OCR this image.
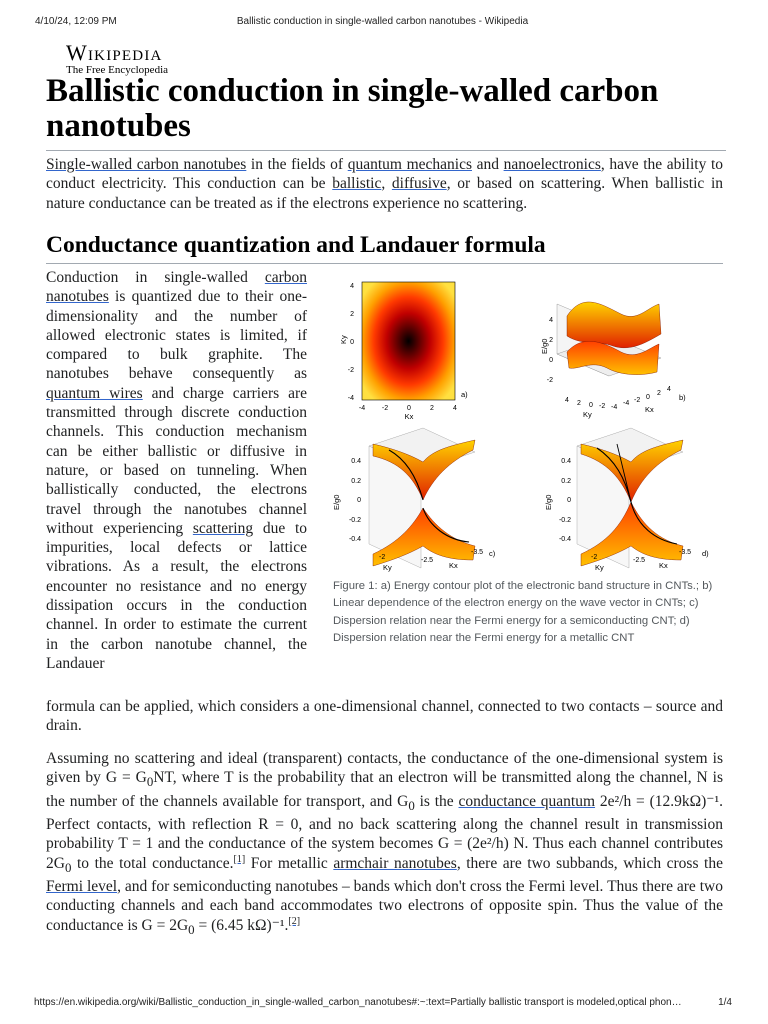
4/10/24, 12:09 PM	Ballistic conduction in single-walled carbon nanotubes - Wikipedia
Wikipedia
The Free Encyclopedia
Ballistic conduction in single-walled carbon nanotubes

Single-walled carbon nanotubes in the fields of quantum mechanics and nanoelectronics, have the ability to conduct electricity. This conduction can be ballistic, diffusive, or based on scattering. When ballistic in nature conductance can be treated as if the electrons experience no scattering.

Conductance quantization and Landauer formula

Conduction in single-walled carbon nanotubes is quantized due to their one-dimensionality and the number of allowed electronic states is limited, if compared to bulk graphite. The nanotubes behave consequently as quantum wires and charge carriers are transmitted through discrete conduction channels. This conduction mechanism can be either ballistic or diffusive in nature, or based on tunneling. When ballistically conducted, the electrons travel through the nanotubes channel without experiencing scattering due to impurities, local defects or lattice vibrations. As a result, the electrons encounter no resistance and no energy dissipation occurs in the conduction channel. In order to estimate the current in the carbon nanotube channel, the Landauer

formula can be applied, which considers a one-dimensional channel, connected to two contacts – source and drain.

Ky
4
2
0
-2
-4
-4 -2	0	2	4
Kx
a)
E/g0
4
2
0
-2
4 2 0 -2 -4
-4 -2 0
2
4
Ky
Kx
b)
E/g0
0.4
0.2
0
-0.2
-0.4
-2
Ky
-2.5
-3.5
Kx
c)
E/g0
0.4
0.2
0
-0.2
-0.4
-2
Ky
-2.5
-3.5
Kx
d)
Figure 1: a) Energy contour plot of the electronic band structure in CNTs.; b) Linear dependence of the electron energy on the wave vector in CNTs; c) Dispersion relation near the Fermi energy for a semiconducting CNT; d) Dispersion relation near the Fermi energy for a metallic CNT

Assuming no scattering and ideal (transparent) contacts, the conductance of the one-dimensional system is given by $G = G_0NT$, where T is the probability that an electron will be transmitted along the channel, N is the number of the channels available for transport, and $G_0$ is the conductance quantum 2e²/h = (12.9kΩ)⁻¹. Perfect contacts, with reflection R = 0, and no back scattering along the channel result in transmission probability T = 1 and the conductance of the system becomes G = (2e²/h) N. Thus each channel contributes $2G_0$ to the total conductance.[1] For metallic armchair nanotubes, there are two subbands, which cross the Fermi level, and for semiconducting nanotubes – bands which don't cross the Fermi level. Thus there are two conducting channels and each band accommodates two electrons of opposite spin. Thus the value of the conductance is $G = 2G_0 = (6.45$ kΩ)⁻¹.[2]

https://en.wikipedia.org/wiki/Ballistic_conduction_in_single-walled_carbon_nanotubes#:~:text=Partially ballistic transport is modeled,optical phon…	1/4
